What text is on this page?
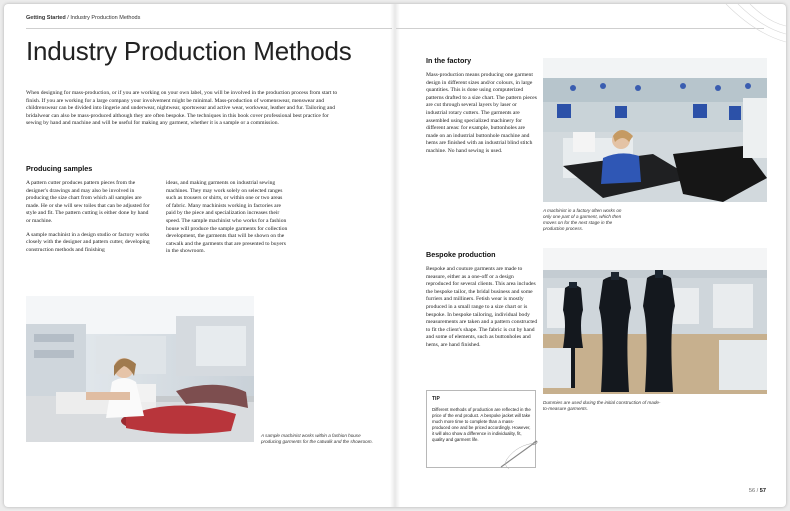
Getting Started / Industry Production Methods
Industry Production Methods

When designing for mass-production, or if you are working on your own label, you will be involved in the production process from start to finish. If you are working for a large company your involvement might be minimal. Mass-production of womenswear, menswear and childrenswear can be divided into lingerie and underwear, nightwear, sportswear and active wear, workwear, leather and fur. Tailoring and bridalwear can also be mass-produced although they are often bespoke. The techniques in this book cover professional best practice for sewing by hand and machine and will be useful for making any garment, whether it is a sample or a commission.

Producing samples

A pattern cutter produces pattern pieces from the designer's drawings and may also be involved in producing the size chart from which all samples are made. He or she will sew toiles that can be adjusted for style and fit. The pattern cutting is either done by hand or machine.

A sample machinist in a design studio or factory works closely with the designer and pattern cutter, developing construction methods and finishing

ideas, and making garments on industrial sewing machines. They may work solely on selected ranges such as trousers or shirts, or within one or two areas of fabric. Many machinists working in factories are paid by the piece and specialization increases their speed. The sample machinist who works for a fashion house will produce the sample garments for collection development, the garments that will be shown on the catwalk and the garments that are presented to buyers in the showroom.

A sample machinist works within a fashion house producing garments for the catwalk and the showroom.
In the factory

Mass-production means producing one garment design in different sizes and/or colours, in large quantities. This is done using computerized patterns drafted to a size chart. The pattern pieces are cut through several layers by laser or industrial rotary cutters. The garments are assembled using specialized machinery for different areas: for example, buttonholes are made on an industrial buttonhole machine and hems are finished with an industrial blind stitch machine. No hand sewing is used.

A machinist in a factory often works on only one part of a garment, which then moves on for the next stage in the production process.
Bespoke production

Bespoke and couture garments are made to measure, either as a one-off or a design reproduced for several clients. This area includes the bespoke tailor, the bridal business and some furriers and milliners. Fetish wear is mostly produced in a small range to a size chart or is bespoke. In bespoke tailoring, individual body measurements are taken and a pattern constructed to fit the client's shape. The fabric is cut by hand and some of elements, such as buttonholes and hems, are hand finished.

Dummies are used during the initial construction of made-to-measure garments.
TIP

Different methods of production are reflected in the price of the end product. A bespoke jacket will take much more time to complete than a mass-produced one and be priced accordingly. However, it will also show a difference in individuality, fit, quality and garment life.

56 / 57
